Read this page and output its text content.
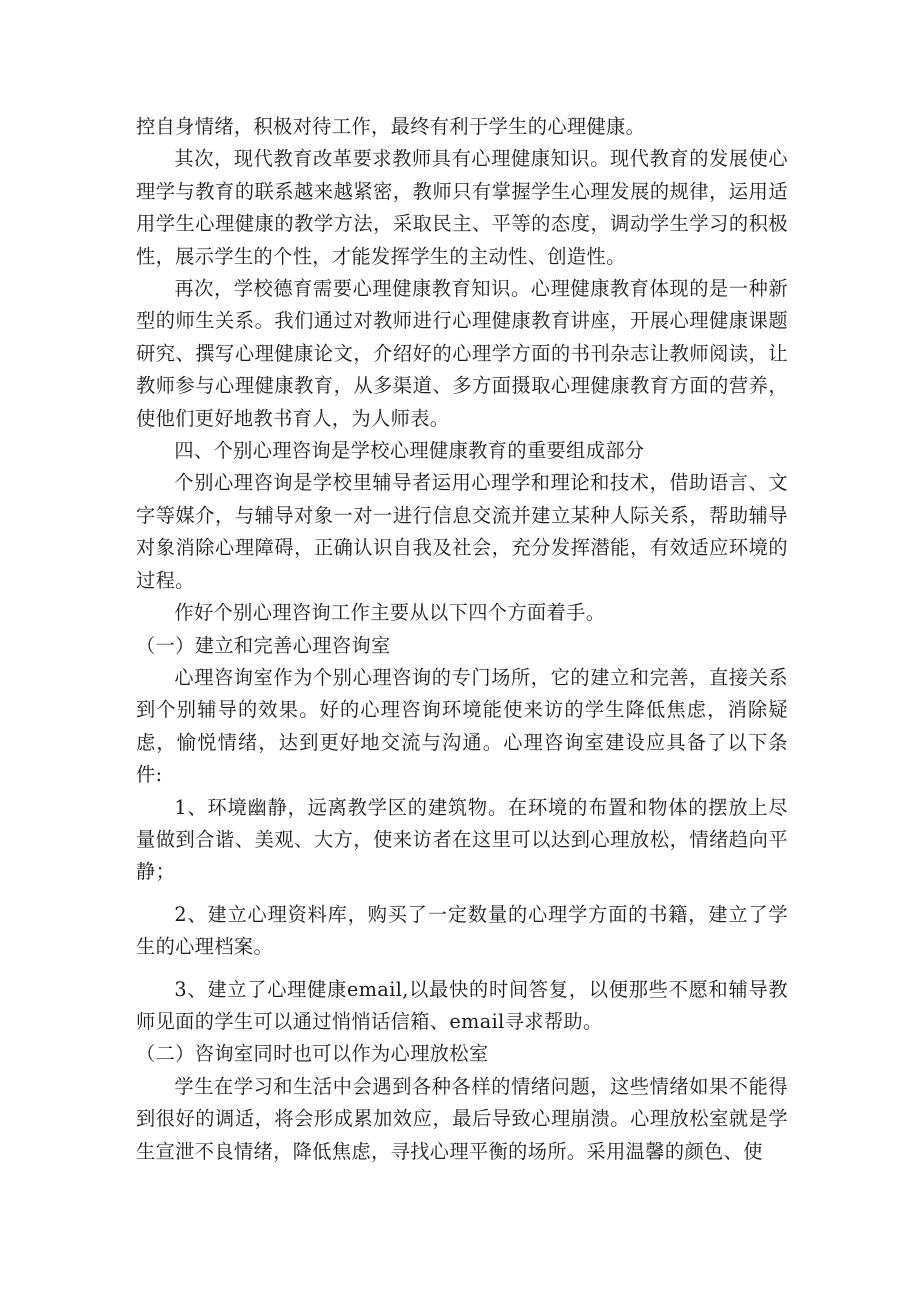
控自身情绪，积极对待工作，最终有利于学生的心理健康。

其次，现代教育改革要求教师具有心理健康知识。现代教育的发展使心理学与教育的联系越来越紧密，教师只有掌握学生心理发展的规律，运用适用学生心理健康的教学方法，采取民主、平等的态度，调动学生学习的积极性，展示学生的个性，才能发挥学生的主动性、创造性。

再次，学校德育需要心理健康教育知识。心理健康教育体现的是一种新型的师生关系。我们通过对教师进行心理健康教育讲座，开展心理健康课题研究、撰写心理健康论文，介绍好的心理学方面的书刊杂志让教师阅读，让教师参与心理健康教育，从多渠道、多方面摄取心理健康教育方面的营养，使他们更好地教书育人，为人师表。

四、个别心理咨询是学校心理健康教育的重要组成部分

个别心理咨询是学校里辅导者运用心理学和理论和技术，借助语言、文字等媒介，与辅导对象一对一进行信息交流并建立某种人际关系，帮助辅导对象消除心理障碍，正确认识自我及社会，充分发挥潜能，有效适应环境的过程。

作好个别心理咨询工作主要从以下四个方面着手。

（一）建立和完善心理咨询室

心理咨询室作为个别心理咨询的专门场所，它的建立和完善，直接关系到个别辅导的效果。好的心理咨询环境能使来访的学生降低焦虑，消除疑虑，愉悦情绪，达到更好地交流与沟通。心理咨询室建设应具备了以下条件:

1、环境幽静，远离教学区的建筑物。在环境的布置和物体的摆放上尽量做到合谐、美观、大方，使来访者在这里可以达到心理放松，情绪趋向平静；

2、建立心理资料库，购买了一定数量的心理学方面的书籍，建立了学生的心理档案。

3、建立了心理健康email,以最快的时间答复，以便那些不愿和辅导教师见面的学生可以通过悄悄话信箱、email寻求帮助。

（二）咨询室同时也可以作为心理放松室

学生在学习和生活中会遇到各种各样的情绪问题，这些情绪如果不能得到很好的调适，将会形成累加效应，最后导致心理崩溃。心理放松室就是学生宣泄不良情绪，降低焦虑，寻找心理平衡的场所。采用温馨的颜色、使
